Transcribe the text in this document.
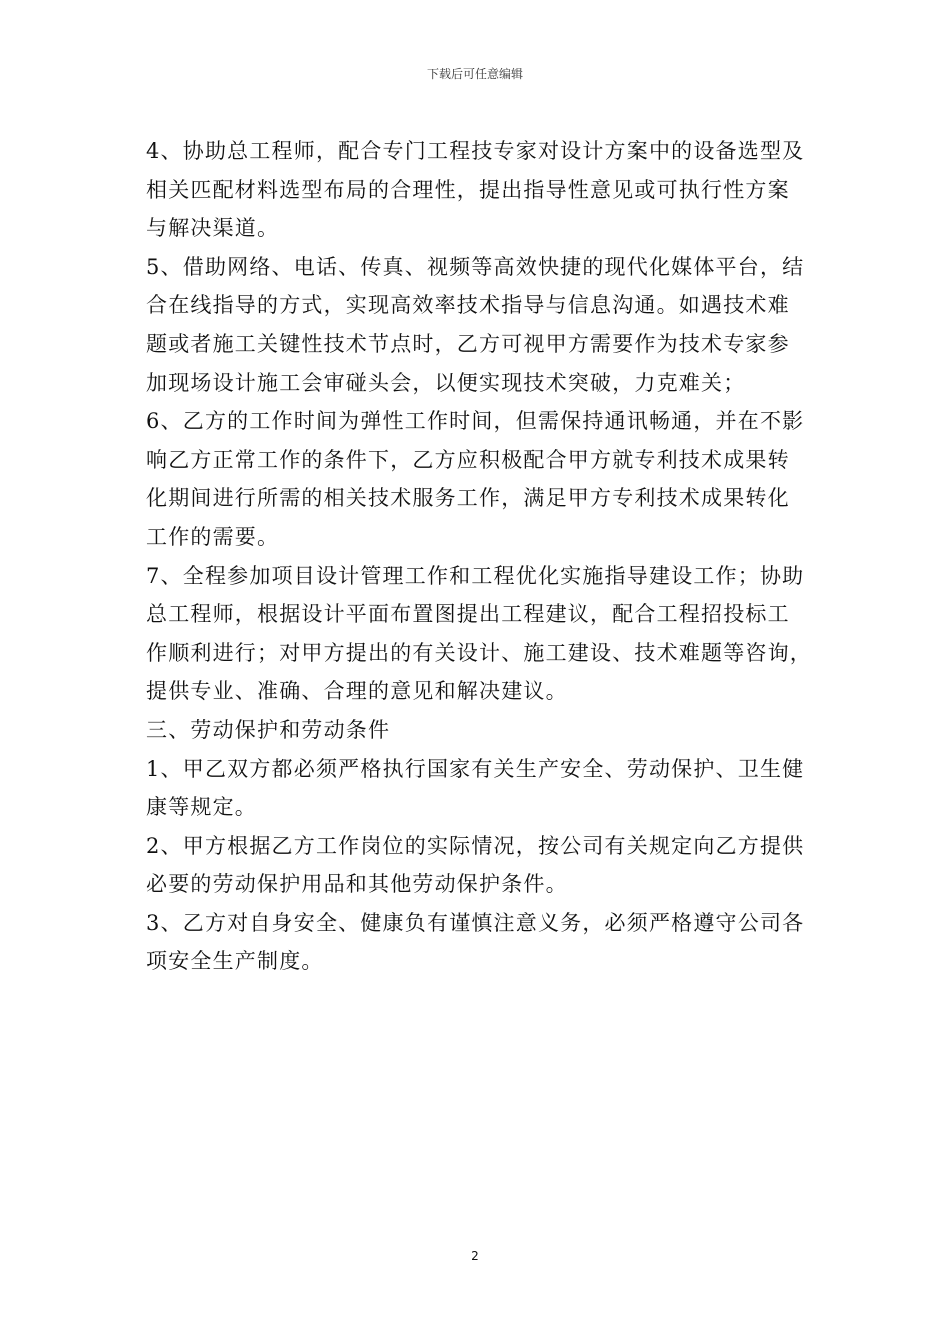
下载后可任意编辑

4、协助总工程师，配合专门工程技专家对设计方案中的设备选型及
相关匹配材料选型布局的合理性，提出指导性意见或可执行性方案
与解决渠道。

5、借助网络、电话、传真、视频等高效快捷的现代化媒体平台，结
合在线指导的方式，实现高效率技术指导与信息沟通。如遇技术难
题或者施工关键性技术节点时，乙方可视甲方需要作为技术专家参
加现场设计施工会审碰头会，以便实现技术突破，力克难关；

6、乙方的工作时间为弹性工作时间，但需保持通讯畅通，并在不影
响乙方正常工作的条件下，乙方应积极配合甲方就专利技术成果转
化期间进行所需的相关技术服务工作，满足甲方专利技术成果转化
工作的需要。

7、全程参加项目设计管理工作和工程优化实施指导建设工作；协助
总工程师，根据设计平面布置图提出工程建议，配合工程招投标工
作顺利进行；对甲方提出的有关设计、施工建设、技术难题等咨询，
提供专业、准确、合理的意见和解决建议。

三、劳动保护和劳动条件

1、甲乙双方都必须严格执行国家有关生产安全、劳动保护、卫生健
康等规定。

2、甲方根据乙方工作岗位的实际情况，按公司有关规定向乙方提供
必要的劳动保护用品和其他劳动保护条件。

3、乙方对自身安全、健康负有谨慎注意义务，必须严格遵守公司各
项安全生产制度。

2
